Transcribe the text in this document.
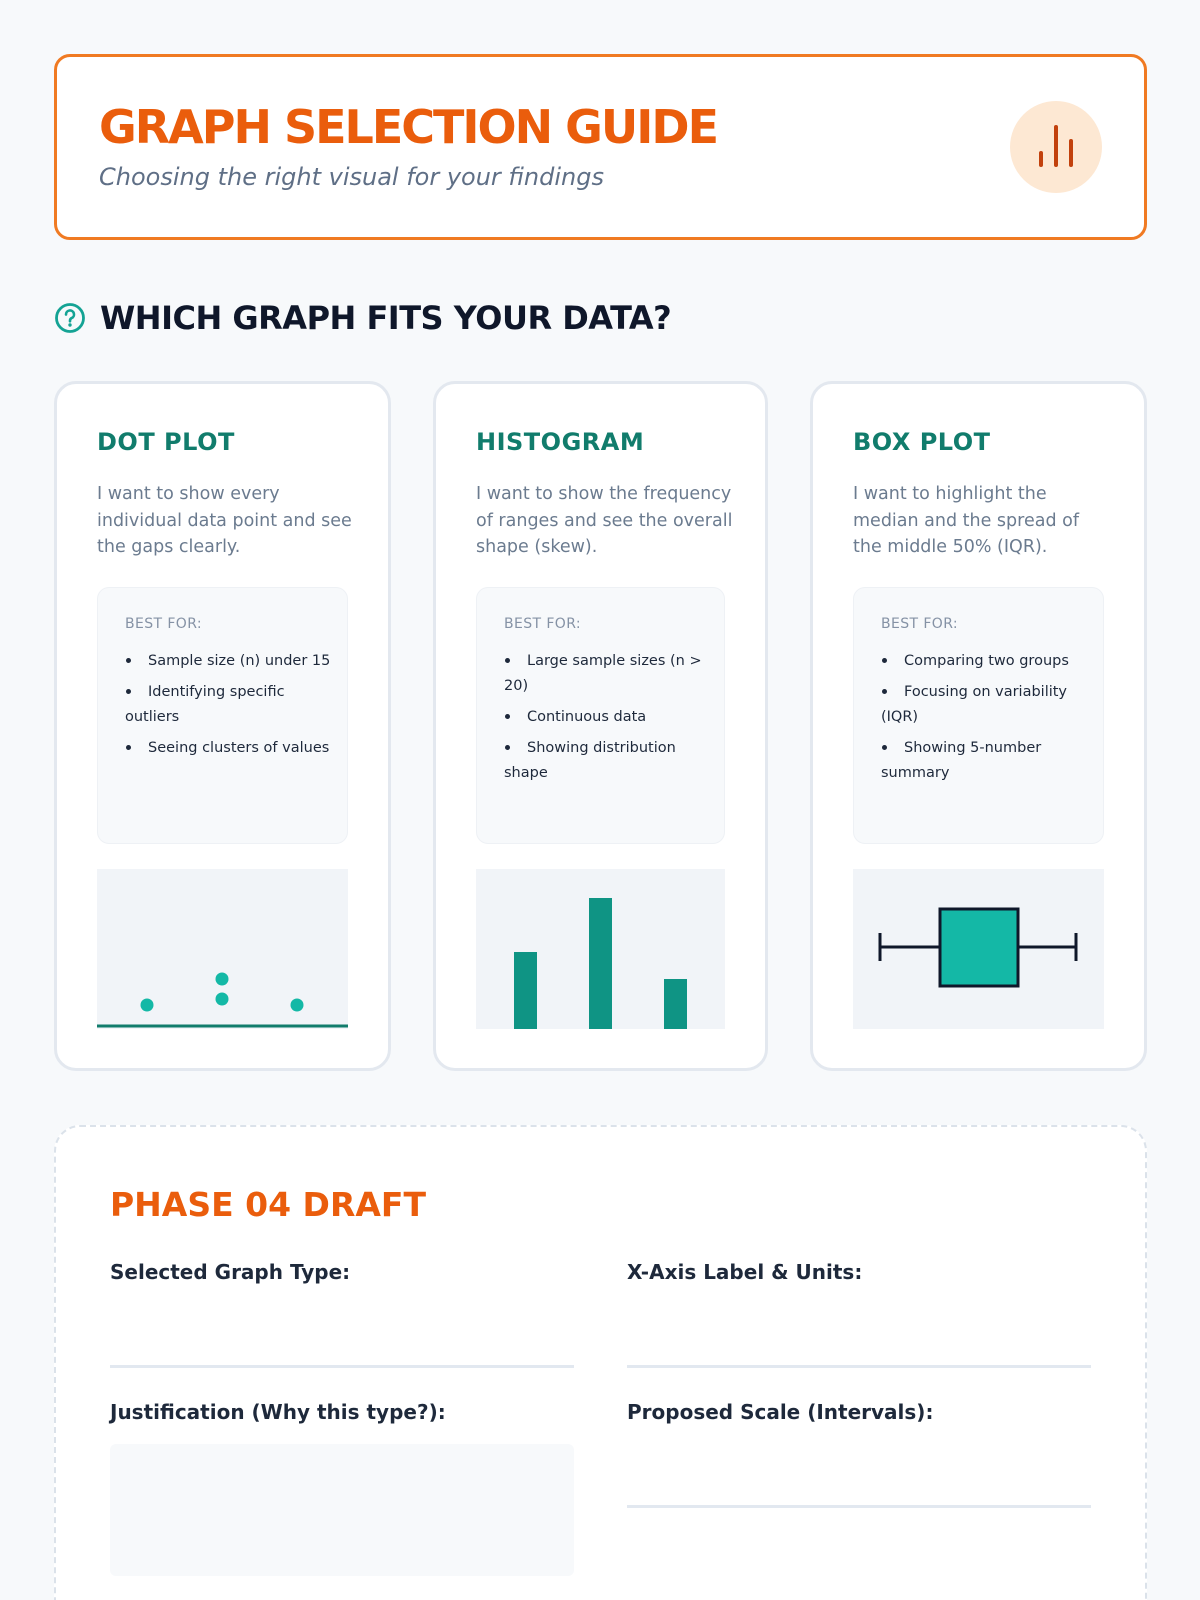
GRAPH SELECTION GUIDE
Choosing the right visual for your findings
WHICH GRAPH FITS YOUR DATA?
DOT PLOT
I want to show every individual data point and see the gaps clearly.
BEST FOR:
Sample size (n) under 15
Identifying specific outliers
Seeing clusters of values
HISTOGRAM
I want to show the frequency of ranges and see the overall shape (skew).
BEST FOR:
Large sample sizes (n > 20)
Continuous data
Showing distribution shape
BOX PLOT
I want to highlight the median and the spread of the middle 50% (IQR).
BEST FOR:
Comparing two groups
Focusing on variability (IQR)
Showing 5-number summary
PHASE 04 DRAFT
Selected Graph Type:	X-Axis Label & Units:
Justification (Why this type?):	Proposed Scale (Intervals):
